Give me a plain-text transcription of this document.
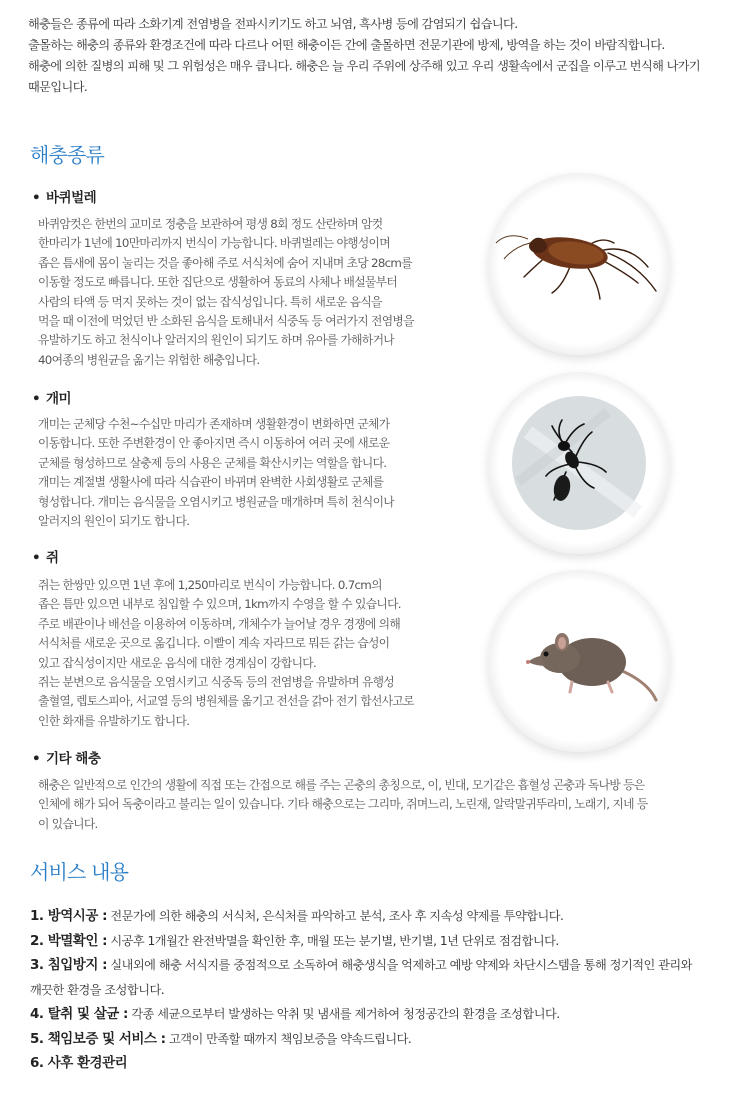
해충들은 종류에 따라 소화기계 전염병을 전파시키기도 하고 뇌염, 흑사병 등에 감염되기 쉽습니다.

출몰하는 해충의 종류와 환경조건에 따라 다르나 어떤 해충이든 간에 출몰하면 전문기관에 방제, 방역을 하는 것이 바람직합니다.

해충에 의한 질병의 피해 및 그 위험성은 매우 큽니다. 해충은 늘 우리 주위에 상주해 있고 우리 생활속에서 군집을 이루고 번식해 나가기

때문입니다.

해충종류
• 바퀴벌레
바퀴암컷은 한번의 교미로 정충을 보관하여 평생 8회 정도 산란하며 암컷
한마리가 1년에 10만마리까지 번식이 가능합니다. 바퀴벌레는 야행성이며
좁은 틈새에 몸이 눌리는 것을 좋아해 주로 서식처에 숨어 지내며 초당 28cm를
이동할 정도로 빠릅니다. 또한 집단으로 생활하여 동료의 사체나 배설물부터
사람의 타액 등 먹지 못하는 것이 없는 잡식성입니다. 특히 새로운 음식을
먹을 때 이전에 먹었던 반 소화된 음식을 토해내서 식중독 등 여러가지 전염병을
유발하기도 하고 천식이나 알러지의 원인이 되기도 하며 유아를 가해하거나
40여종의 병원균을 옮기는 위험한 해충입니다.
• 개미
개미는 군체당 수천~수십만 마리가 존재하며 생활환경이 변화하면 군체가
이동합니다. 또한 주변환경이 안 좋아지면 즉시 이동하여 여러 곳에 새로운
군체를 형성하므로 살충제 등의 사용은 군체를 확산시키는 역할을 합니다.
개미는 계절별 생활사에 따라 식습관이 바뀌며 완벽한 사회생활로 군체를
형성합니다. 개미는 음식물을 오염시키고 병원균을 매개하며 특히 천식이나
알러지의 원인이 되기도 합니다.
• 쥐
쥐는 한쌍만 있으면 1년 후에 1,250마리로 번식이 가능합니다. 0.7cm의
좁은 틈만 있으면 내부로 침입할 수 있으며, 1km까지 수영을 할 수 있습니다.
주로 배관이나 배선을 이용하여 이동하며, 개체수가 늘어날 경우 경쟁에 의해
서식처를 새로운 곳으로 옮깁니다. 이빨이 계속 자라므로 뭐든 갉는 습성이
있고 잡식성이지만 새로운 음식에 대한 경계심이 강합니다.
쥐는 분변으로 음식물을 오염시키고 식중독 등의 전염병을 유발하며 유행성
출혈열, 렙토스피아, 서교열 등의 병원체를 옮기고 전선을 갉아 전기 합선사고로
인한 화재를 유발하기도 합니다.
• 기타 해충
해충은 일반적으로 인간의 생활에 직접 또는 간접으로 해를 주는 곤충의 총칭으로, 이, 빈대, 모기같은 흡혈성 곤충과 독나방 등은
인체에 해가 되어 독충이라고 불리는 일이 있습니다. 기타 해충으로는 그리마, 쥐며느리, 노린재, 알락말귀뚜라미, 노래기, 지네 등
이 있습니다.
서비스 내용
1. 방역시공 : 전문가에 의한 해충의 서식처, 은식처를 파악하고 분석, 조사 후 지속성 약제를 투약합니다.
2. 박멸확인 : 시공후 1개월간 완전박멸을 확인한 후, 매월 또는 분기별, 반기별, 1년 단위로 점검합니다.
3. 침입방지 : 실내외에 해충 서식지를 중점적으로 소독하여 해충생식을 억제하고 예방 약제와 차단시스템을 통해 정기적인 관리와
깨끗한 환경을 조성합니다.
4. 탈취 및 살균 : 각종 세균으로부터 발생하는 악취 및 냄새를 제거하여 청정공간의 환경을 조성합니다.
5. 책임보증 및 서비스 : 고객이 만족할 때까지 책임보증을 약속드립니다.
6. 사후 환경관리
